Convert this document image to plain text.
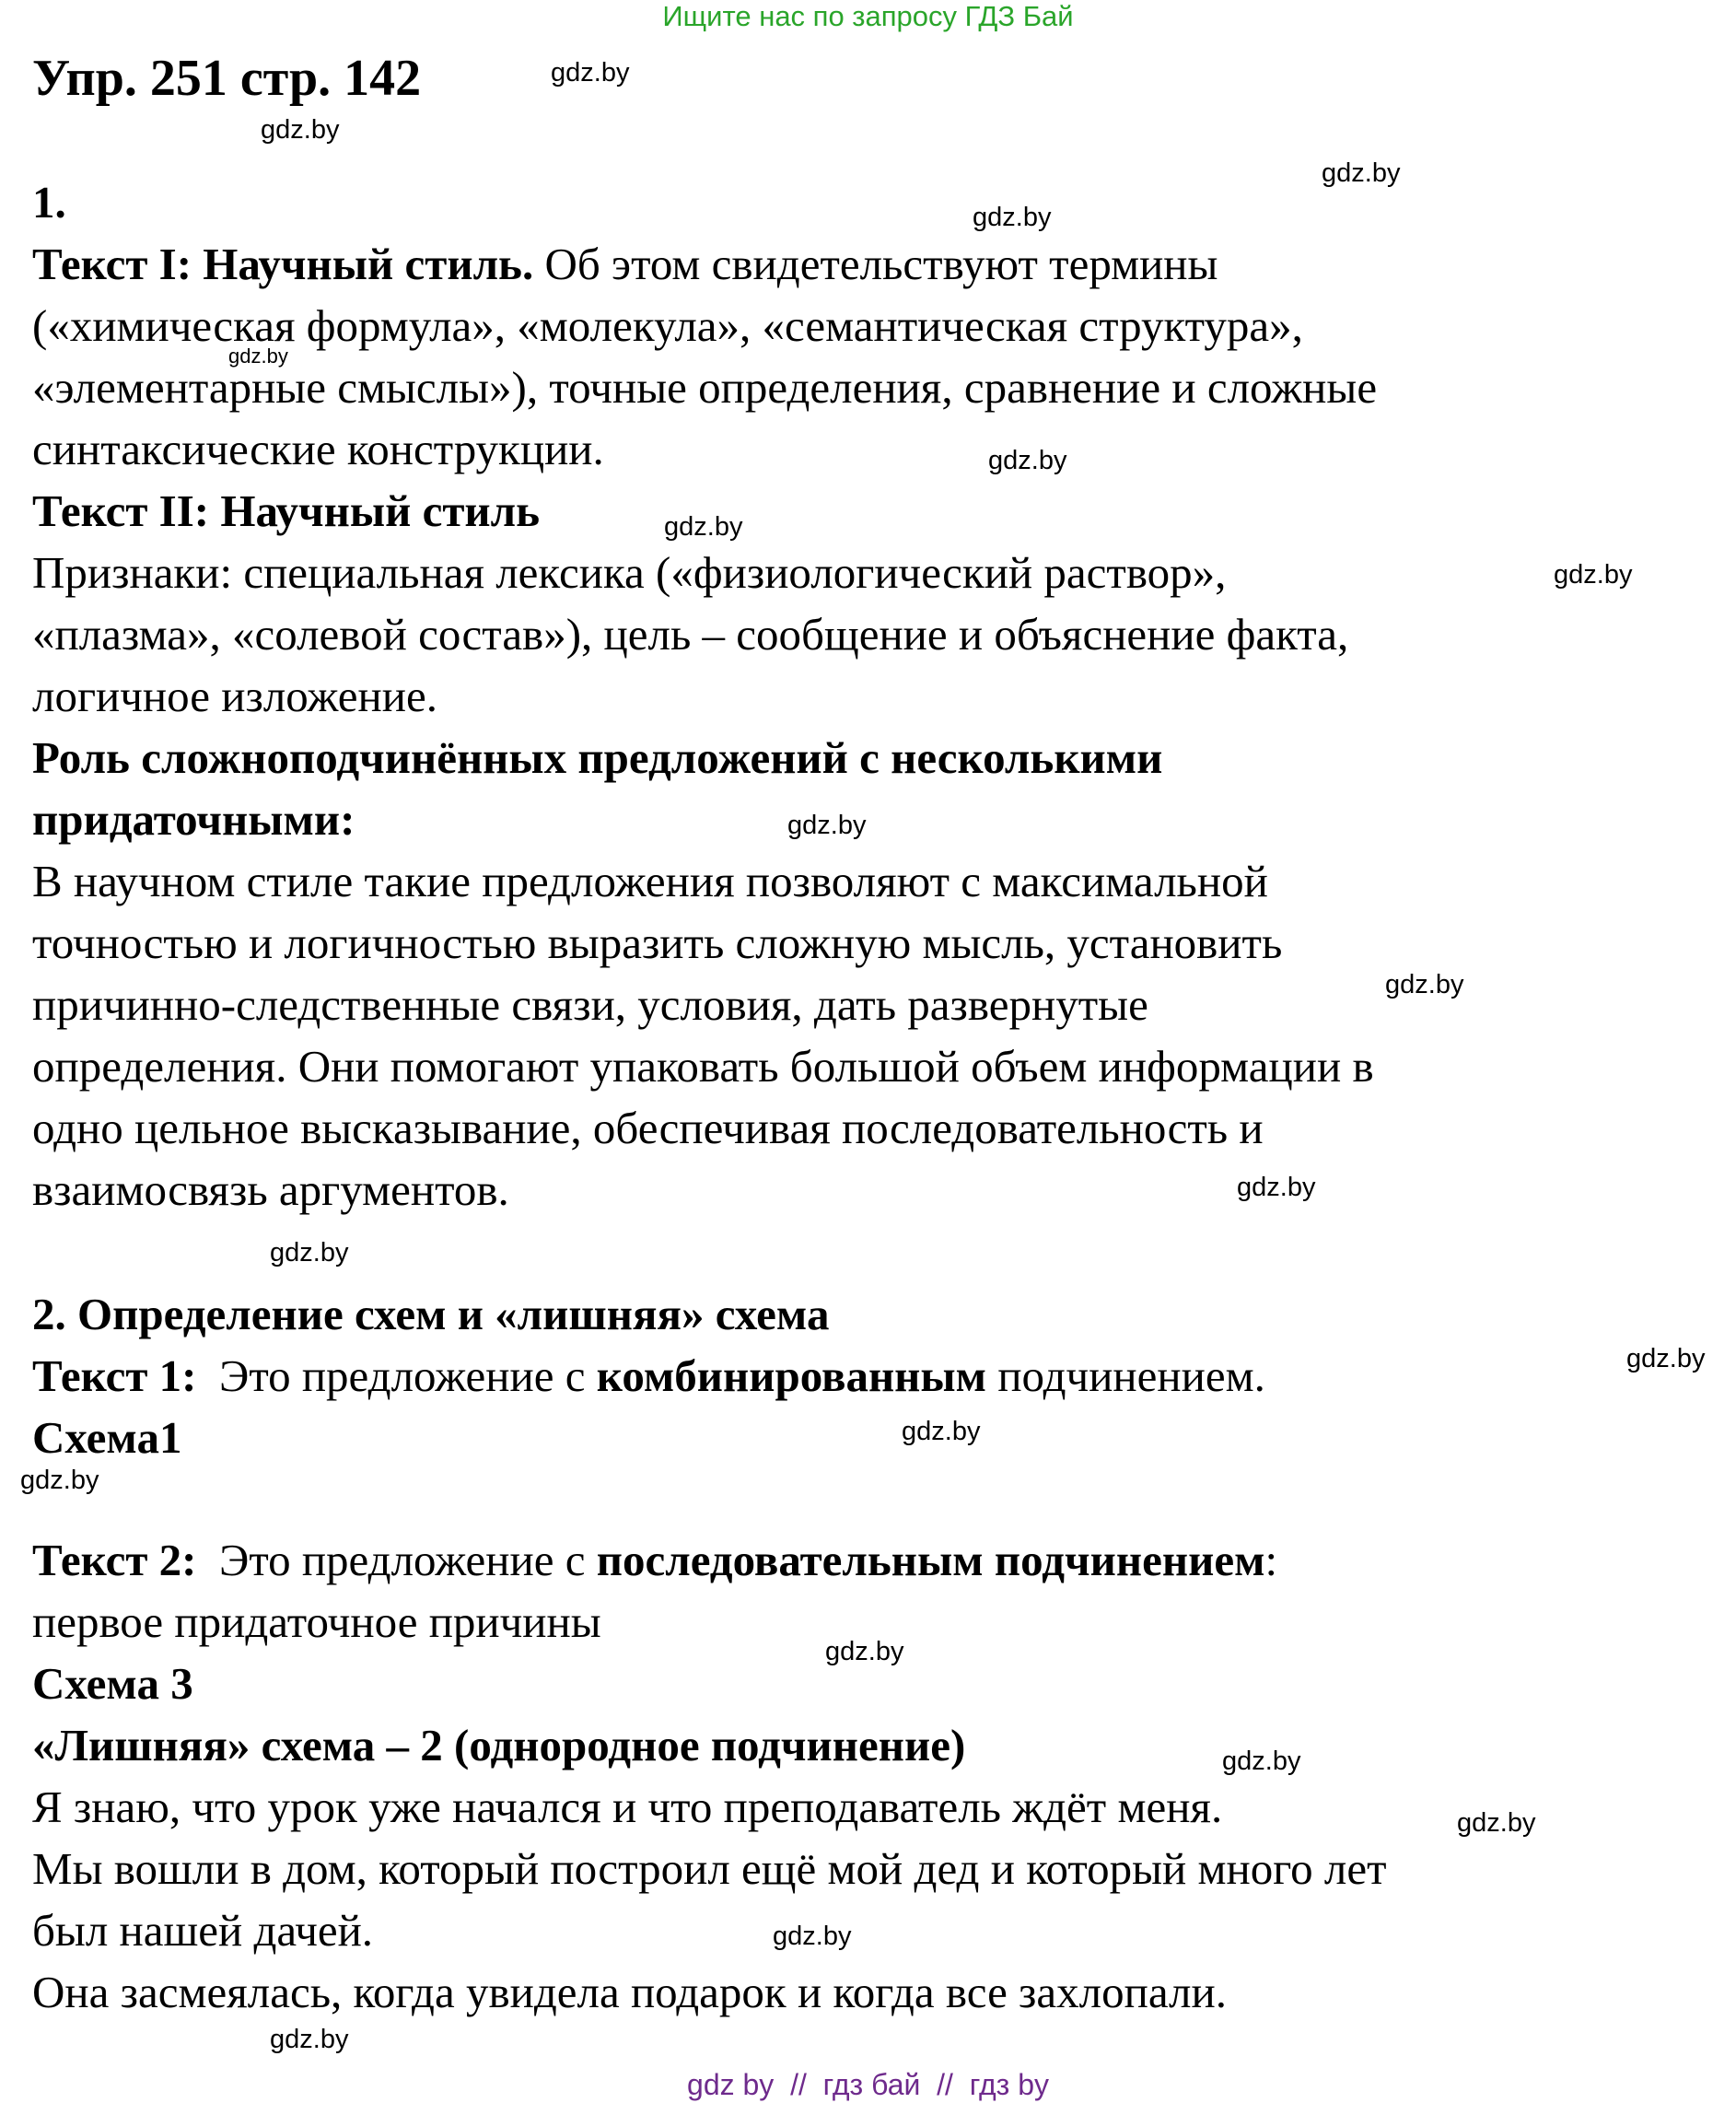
Ищите нас по запросу ГДЗ Бай
Упр. 251 стр. 142
1.
Текст I: Научный стиль. Об этом свидетельствуют термины
(«химическая формула», «молекула», «семантическая структура»,
«элементарные смыслы»), точные определения, сравнение и сложные
синтаксические конструкции.
Текст II: Научный стиль
Признаки: специальная лексика («физиологический раствор»,
«плазма», «солевой состав»), цель – сообщение и объяснение факта,
логичное изложение.
Роль сложноподчинённых предложений с несколькими
придаточными:
В научном стиле такие предложения позволяют с максимальной
точностью и логичностью выразить сложную мысль, установить
причинно-следственные связи, условия, дать развернутые
определения. Они помогают упаковать большой объем информации в
одно цельное высказывание, обеспечивая последовательность и
взаимосвязь аргументов.
2. Определение схем и «лишняя» схема
Текст 1:  Это предложение с комбинированным подчинением.
Схема1
Текст 2:  Это предложение с последовательным подчинением:
первое придаточное причины
Схема 3
«Лишняя» схема – 2 (однородное подчинение)
Я знаю, что урок уже начался и что преподаватель ждёт меня.
Мы вошли в дом, который построил ещё мой дед и который много лет
был нашей дачей.
Она засмеялась, когда увидела подарок и когда все захлопали.
gdz.by
gdz.by
gdz.by
gdz.by
gdz.by
gdz.by
gdz.by
gdz.by
gdz.by
gdz.by
gdz.by
gdz.by
gdz.by
gdz.by
gdz.by
gdz.by
gdz.by
gdz.by
gdz.by
gdz.by
gdz by  //  гдз бай  //  гдз by
